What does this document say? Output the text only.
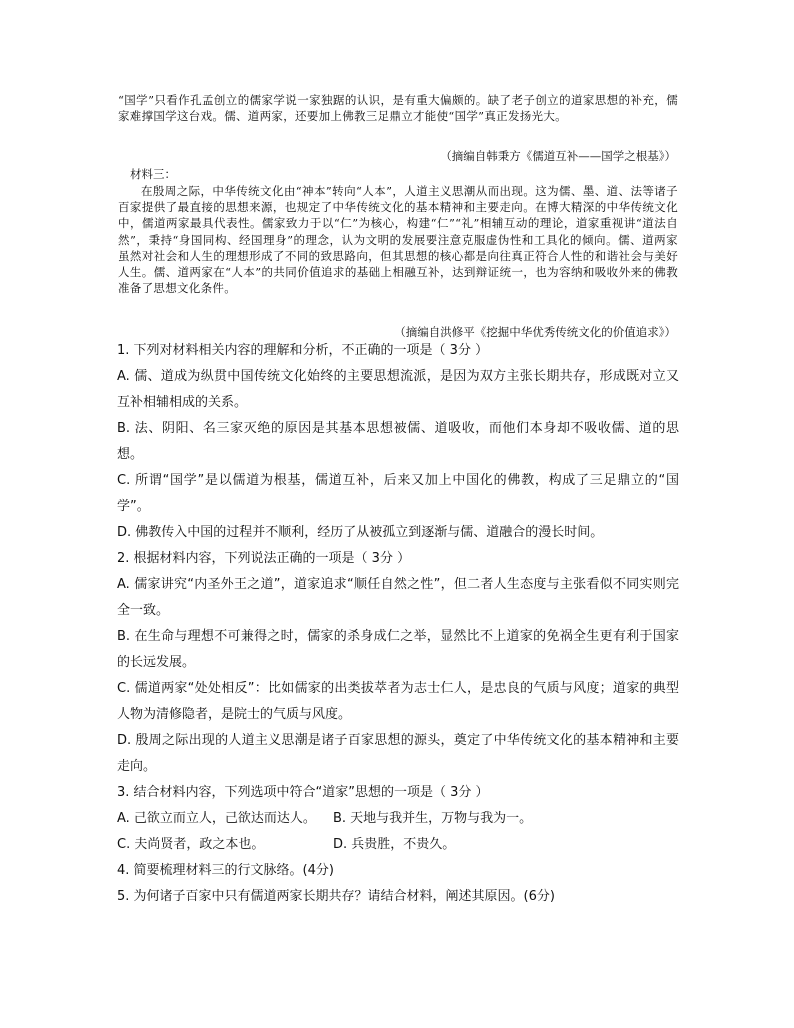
“国学”只看作孔孟创立的儒家学说一家独踞的认识，是有重大偏颇的。缺了老子创立的道家思想的补充，儒家难撑国学这台戏。儒、道两家，还要加上佛教三足鼎立才能使“国学”真正发扬光大。

（摘编自韩秉方《儒道互补——国学之根基》）
材料三：

在殷周之际，中华传统文化由“神本”转向“人本”，人道主义思潮从而出现。这为儒、墨、道、法等诸子百家提供了最直接的思想来源，也规定了中华传统文化的基本精神和主要走向。在博大精深的中华传统文化中，儒道两家最具代表性。儒家致力于以“仁”为核心，构建“仁”“礼”相辅互动的理论，道家重视讲“道法自然”，秉持“身国同构、经国理身”的理念，认为文明的发展要注意克服虚伪性和工具化的倾向。儒、道两家虽然对社会和人生的理想形成了不同的致思路向，但其思想的核心都是向往真正符合人性的和谐社会与美好人生。儒、道两家在“人本”的共同价值追求的基础上相融互补，达到辩证统一，也为容纳和吸收外来的佛教准备了思想文化条件。

（摘编自洪修平《挖掘中华优秀传统文化的价值追求》）

1. 下列对材料相关内容的理解和分析，不正确的一项是（ 3分 ）

A. 儒、道成为纵贯中国传统文化始终的主要思想流派，是因为双方主张长期共存，形成既对立又互补相辅相成的关系。

B. 法、阴阳、名三家灭绝的原因是其基本思想被儒、道吸收，而他们本身却不吸收儒、道的思想。

C. 所谓“国学”是以儒道为根基，儒道互补，后来又加上中国化的佛教，构成了三足鼎立的“国学”。

D. 佛教传入中国的过程并不顺利，经历了从被孤立到逐渐与儒、道融合的漫长时间。

2. 根据材料内容，下列说法正确的一项是（ 3分 ）

A. 儒家讲究“内圣外王之道”，道家追求“顺任自然之性”，但二者人生态度与主张看似不同实则完全一致。

B. 在生命与理想不可兼得之时，儒家的杀身成仁之举，显然比不上道家的免祸全生更有利于国家的长远发展。

C. 儒道两家“处处相反”：比如儒家的出类拔萃者为志士仁人，是忠良的气质与风度；道家的典型人物为清修隐者，是院士的气质与风度。

D. 殷周之际出现的人道主义思潮是诸子百家思想的源头，奠定了中华传统文化的基本精神和主要走向。

3. 结合材料内容，下列选项中符合“道家”思想的一项是（ 3分 ）

A. 己欲立而立人，己欲达而达人。	B. 天地与我并生，万物与我为一。
C. 夫尚贤者，政之本也。	D. 兵贵胜，不贵久。

4. 简要梳理材料三的行文脉络。(4分)

5. 为何诸子百家中只有儒道两家长期共存？请结合材料，阐述其原因。(6分)
